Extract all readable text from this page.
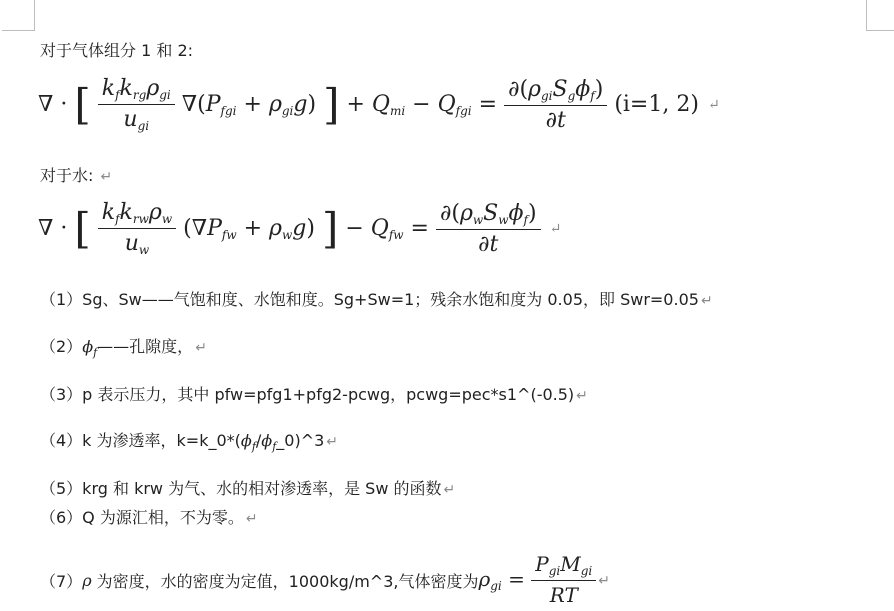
对于气体组分 1 和 2:
∇ · [ $\frac{k_fk_{rg}\rho_{gi}}{u_{gi}} \nabla(P_{fgi} + \rho_{gi}g)$ ] + $Q_{mi} - Q_{fgi} = \frac{\partial(\rho_{gi}S_g\phi_f)}{\partial t} (i=1$, 2) ↵
对于水: ↵
∇ · [ $\frac{k_fk_{rw}\rho_w}{u_w} (\nabla P_{fw} + \rho_wg)$ ] − $Q_{fw} = \frac{\partial(\rho_wS_w\phi_f)}{\partial t}$ ↵
（1）Sg、Sw——气饱和度、水饱和度。Sg+Sw=1；残余水饱和度为 0.05，即 Swr=0.05 ↵
$(2)\phi_f——$孔隙度， ↵
（3）p 表示压力，其中 pfw=pfg1+pfg2-pcwg，pcwg=pec*s1^(-0.5) ↵
（4）k 为渗透率，$k=k\_0*(\phi_f/\phi_f\_0)\^{}3$ ↵
（5）krg 和 krw 为气、水的相对渗透率，是 Sw 的函数 ↵
（6）Q 为源汇相，不为零。 ↵
（7）ρ 为密度，水的密度为定值，1000kg/m^3,气体密度为$\rho_{gi} = \frac{P_{gi}M_{gi}}{RT}$ ↵
